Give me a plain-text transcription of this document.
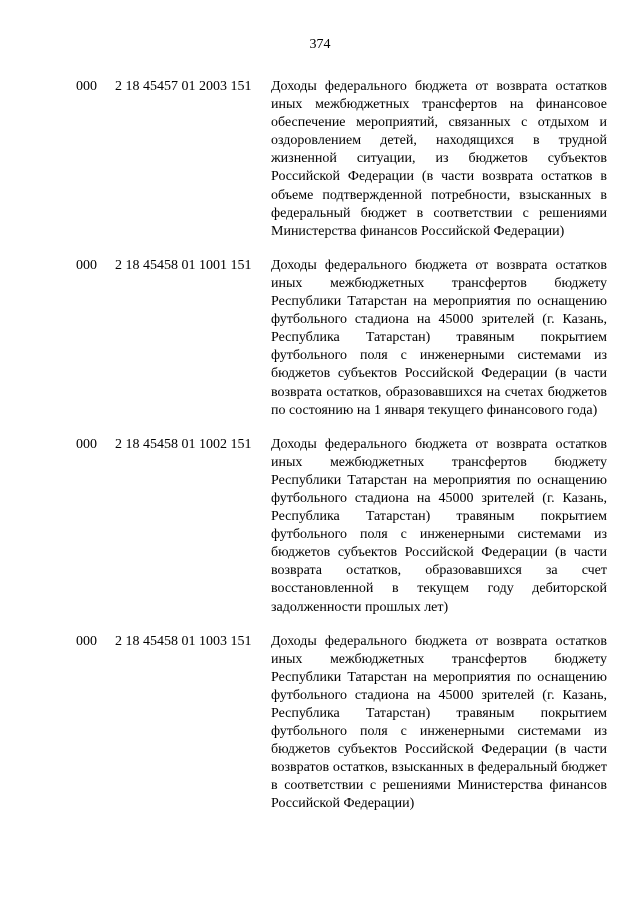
374
000 2 18 45457 01 2003 151 Доходы федерального бюджета от возврата остатков иных межбюджетных трансфертов на финансовое обеспечение мероприятий, связанных с отдыхом и оздоровлением детей, находящихся в трудной жизненной ситуации, из бюджетов субъектов Российской Федерации (в части возврата остатков в объеме подтвержденной потребности, взысканных в федеральный бюджет в соответствии с решениями Министерства финансов Российской Федерации)
000 2 18 45458 01 1001 151 Доходы федерального бюджета от возврата остатков иных межбюджетных трансфертов бюджету Республики Татарстан на мероприятия по оснащению футбольного стадиона на 45000 зрителей (г. Казань, Республика Татарстан) травяным покрытием футбольного поля с инженерными системами из бюджетов субъектов Российской Федерации (в части возврата остатков, образовавшихся на счетах бюджетов по состоянию на 1 января текущего финансового года)
000 2 18 45458 01 1002 151 Доходы федерального бюджета от возврата остатков иных межбюджетных трансфертов бюджету Республики Татарстан на мероприятия по оснащению футбольного стадиона на 45000 зрителей (г. Казань, Республика Татарстан) травяным покрытием футбольного поля с инженерными системами из бюджетов субъектов Российской Федерации (в части возврата остатков, образовавшихся за счет восстановленной в текущем году дебиторской задолженности прошлых лет)
000 2 18 45458 01 1003 151 Доходы федерального бюджета от возврата остатков иных межбюджетных трансфертов бюджету Республики Татарстан на мероприятия по оснащению футбольного стадиона на 45000 зрителей (г. Казань, Республика Татарстан) травяным покрытием футбольного поля с инженерными системами из бюджетов субъектов Российской Федерации (в части возвратов остатков, взысканных в федеральный бюджет в соответствии с решениями Министерства финансов Российской Федерации)
